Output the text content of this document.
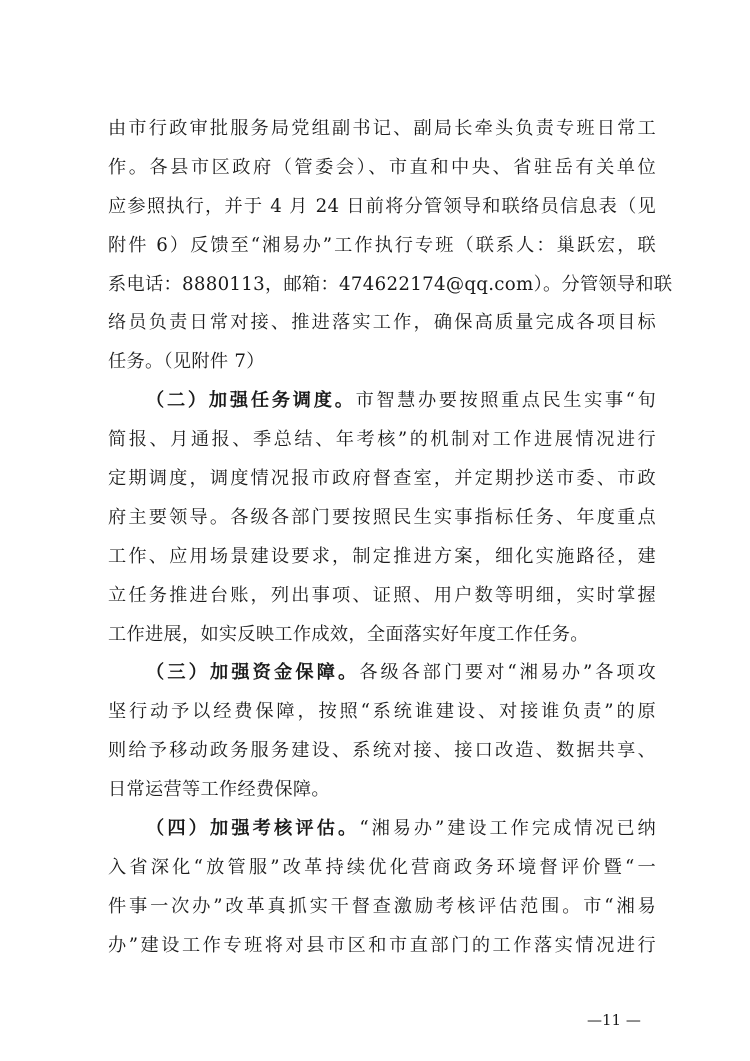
由市行政审批服务局党组副书记、副局长牵头负责专班日常工
作。各县市区政府（管委会）、市直和中央、省驻岳有关单位
应参照执行，并于 4 月 24 日前将分管领导和联络员信息表（见
附件 6）反馈至“湘易办”工作执行专班（联系人：巢跃宏，联
系电话：8880113，邮箱：474622174@qq.com）。分管领导和联
络员负责日常对接、推进落实工作，确保高质量完成各项目标
任务。（见附件 7）
（二）加强任务调度。市智慧办要按照重点民生实事“旬
简报、月通报、季总结、年考核”的机制对工作进展情况进行
定期调度，调度情况报市政府督查室，并定期抄送市委、市政
府主要领导。各级各部门要按照民生实事指标任务、年度重点
工作、应用场景建设要求，制定推进方案，细化实施路径，建
立任务推进台账，列出事项、证照、用户数等明细，实时掌握
工作进展，如实反映工作成效，全面落实好年度工作任务。
（三）加强资金保障。各级各部门要对“湘易办”各项攻
坚行动予以经费保障，按照“系统谁建设、对接谁负责”的原
则给予移动政务服务建设、系统对接、接口改造、数据共享、
日常运营等工作经费保障。
（四）加强考核评估。“湘易办”建设工作完成情况已纳
入省深化“放管服”改革持续优化营商政务环境督评价暨“一
件事一次办”改革真抓实干督查激励考核评估范围。市“湘易
办”建设工作专班将对县市区和市直部门的工作落实情况进行
—11 —
